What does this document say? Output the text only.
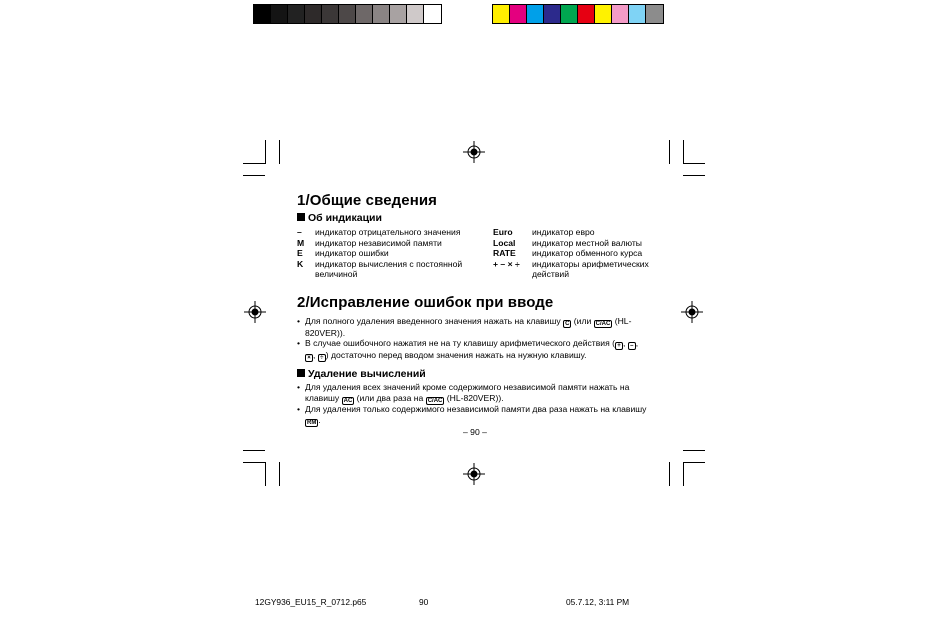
1/Общие сведения
Об индикации
– индикатор отрицательного значения
M индикатор независимой памяти
E индикатор ошибки
K индикатор вычисления с постоянной
величиной
Euro индикатор евро
Local индикатор местной валюты
RATE индикатор обменного курса
+ – × ÷ индикаторы арифметических
действий
2/Исправление ошибок при вводе
• Для полного удаления введенного значения нажать на клавишу C (или C/AC (HL-
820VER)).
• В случае ошибочного нажатия не на ту клавишу арифметического действия ( + , – ,
× , ÷ ) достаточно перед вводом значения нажать на нужную клавишу.
Удаление вычислений
• Для удаления всех значений кроме содержимого независимой памяти нажать на
клавишу AC (или два раза на C/AC (HL-820VER)).
• Для удаления только содержимого независимой памяти два раза нажать на клавишу
RM .
– 90 –
12GY936_EU15_R_0712.p65	90	05.7.12, 3:11 PM
